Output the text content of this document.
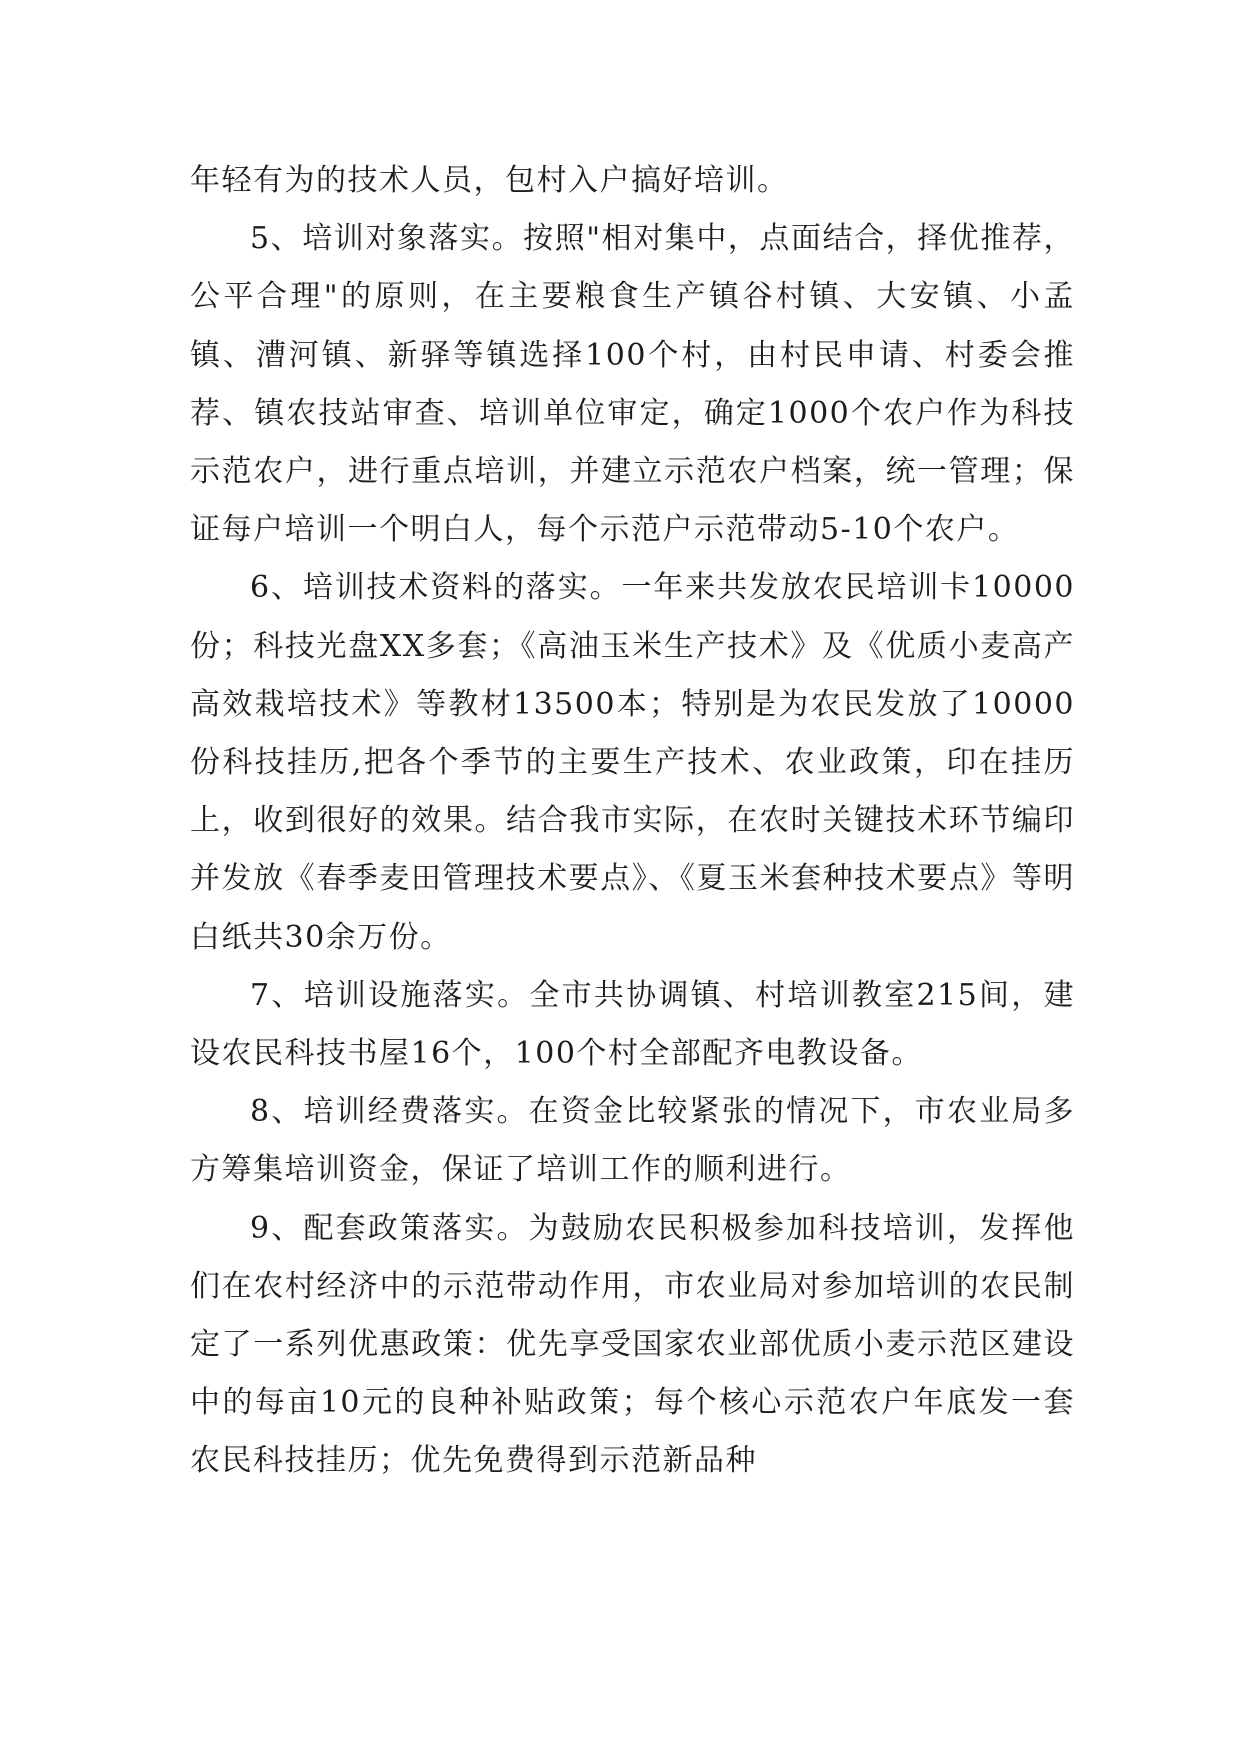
年轻有为的技术人员，包村入户搞好培训。

5、培训对象落实。按照"相对集中，点面结合，择优推荐，公平合理"的原则，在主要粮食生产镇谷村镇、大安镇、小孟镇、漕河镇、新驿等镇选择100个村，由村民申请、村委会推荐、镇农技站审查、培训单位审定，确定1000个农户作为科技示范农户，进行重点培训，并建立示范农户档案，统一管理；保证每户培训一个明白人，每个示范户示范带动5-10个农户。

6、培训技术资料的落实。一年来共发放农民培训卡10000份；科技光盘XX多套；《高油玉米生产技术》及《优质小麦高产高效栽培技术》等教材13500本；特别是为农民发放了10000份科技挂历,把各个季节的主要生产技术、农业政策，印在挂历上，收到很好的效果。结合我市实际，在农时关键技术环节编印并发放《春季麦田管理技术要点》、《夏玉米套种技术要点》等明白纸共30余万份。

7、培训设施落实。全市共协调镇、村培训教室215间，建设农民科技书屋16个，100个村全部配齐电教设备。

8、培训经费落实。在资金比较紧张的情况下，市农业局多方筹集培训资金，保证了培训工作的顺利进行。

9、配套政策落实。为鼓励农民积极参加科技培训，发挥他们在农村经济中的示范带动作用，市农业局对参加培训的农民制定了一系列优惠政策：优先享受国家农业部优质小麦示范区建设中的每亩10元的良种补贴政策；每个核心示范农户年底发一套农民科技挂历；优先免费得到示范新品种
